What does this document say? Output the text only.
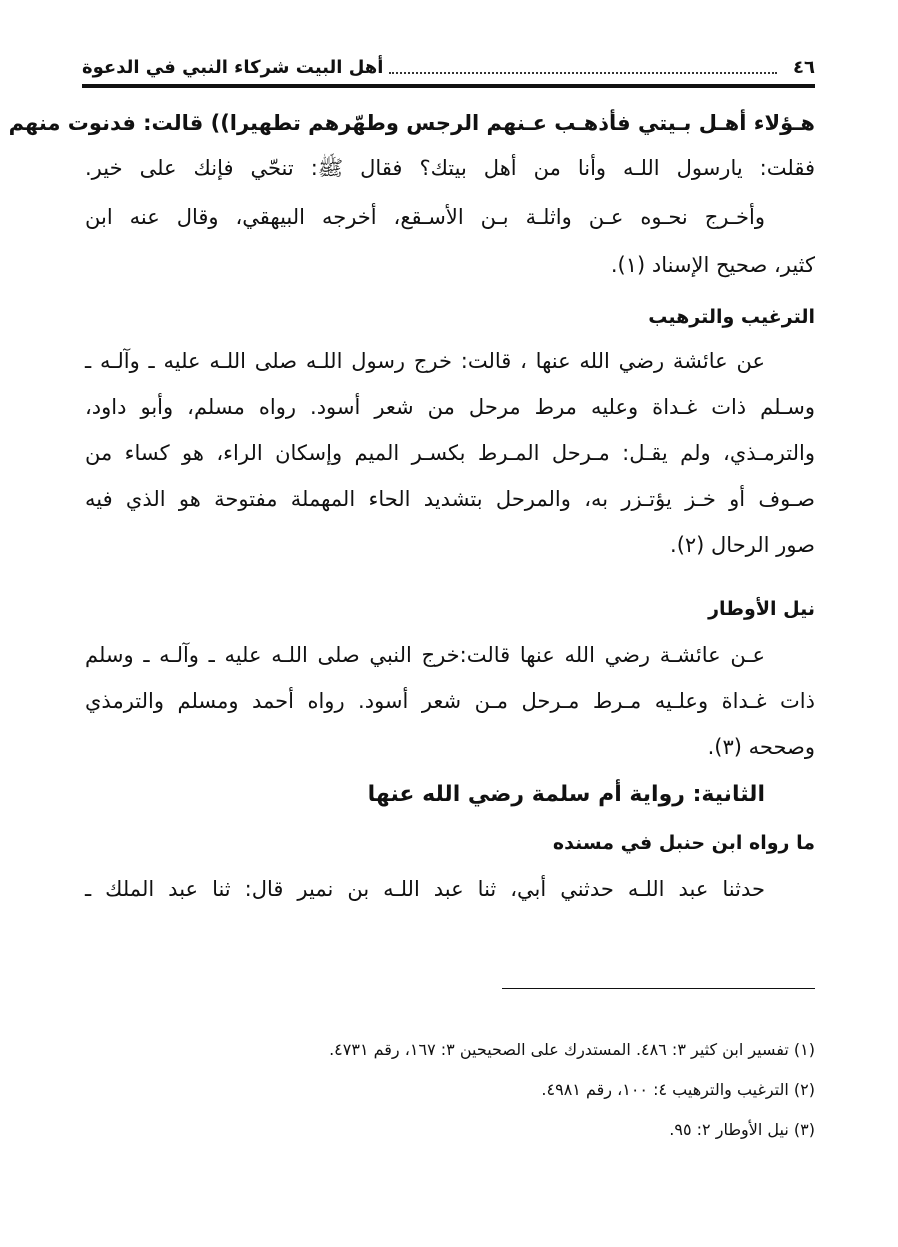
٤٦
أهل البيت شركاء النبي في الدعوة
هـؤلاء أهـل بـيتي فأذهـب عـنهم الرجس وطهّرهم تطهيرا)) قالت: فدنوت منهم
فقلت: يارسول اللـه وأنا من أهل بيتك؟ فقال ﷺ: تنحّي فإنك على خير.
وأخـرج نحـوه عـن واثلـة بـن الأسـقع، أخرجه البيهقي، وقال عنه ابن
كثير، صحيح الإسناد (١).
الترغيب والترهيب
عن عائشة رضي الله عنها ، قالت: خرج رسول اللـه صلى اللـه عليه ـ وآلـه ـ
وسـلم ذات غـداة وعليه مرط مرحل من شعر أسود. رواه مسلم، وأبو داود،
والترمـذي، ولم يقـل: مـرحل المـرط بكسـر الميم وإسكان الراء، هو كساء من
صـوف أو خـز يؤتـزر به، والمرحل بتشديد الحاء المهملة مفتوحة هو الذي فيه
صور الرحال (٢).
نيل الأوطار
عـن عائشـة رضي الله عنها قالت:خرج النبي صلى اللـه عليه ـ وآلـه ـ وسلم
ذات غـداة وعلـيه مـرط مـرحل مـن شعر أسود. رواه أحمد ومسلم والترمذي
وصححه (٣).
الثانية: رواية أم سلمة رضي الله عنها
ما رواه ابن حنبل في مسنده
حدثنا عبد اللـه حدثني أبي، ثنا عبد اللـه بن نمير قال: ثنا عبد الملك ـ
(١) تفسير ابن كثير ٣: ٤٨٦. المستدرك على الصحيحين ٣: ١٦٧، رقم ٤٧٣١.
(٢) الترغيب والترهيب ٤: ١٠٠، رقم ٤٩٨١.
(٣) نيل الأوطار ٢: ٩٥.
